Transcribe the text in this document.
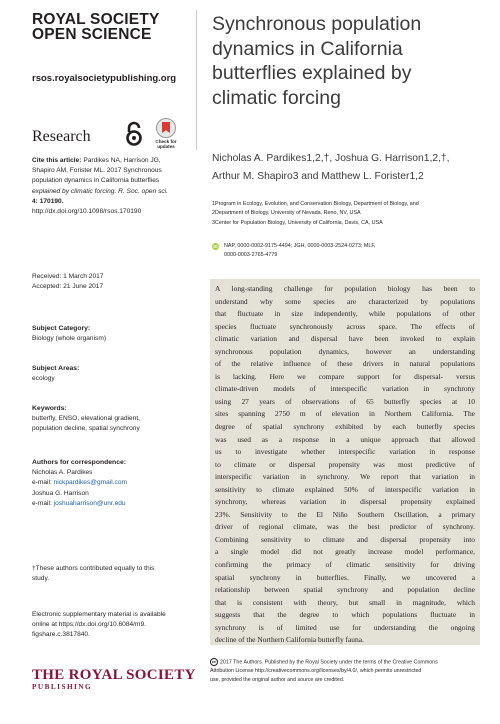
ROYAL SOCIETY
OPEN SCIENCE
rsos.royalsocietypublishing.org
Research	Check for
updates
Cite this article: Pardikes NA, Harrison JG,
Shapiro AM, Forister ML. 2017 Synchronous
population dynamics in California butterflies
explained by climatic forcing. R. Soc. open sci.
4: 170190.
http://dx.doi.org/10.1098/rsos.170190
Received: 1 March 2017
Accepted: 21 June 2017
Subject Category:
Biology (whole organism)
Subject Areas:
ecology
Keywords:
butterfly, ENSO, elevational gradient,
population decline, spatial synchrony
Authors for correspondence:
Nicholas A. Pardikes
e-mail: nickpardikes@gmail.com
Joshua G. Harrison
e-mail: joshuaharrison@unr.edu
†These authors contributed equally to this
study.
Electronic supplementary material is available
online at https://dx.doi.org/10.6084/m9.
figshare.c.3817840.
THE ROYAL SOCIETY
PUBLISHING
Synchronous population
dynamics in California
butterflies explained by
climatic forcing
Nicholas A. Pardikes1,2,†, Joshua G. Harrison1,2,†,
Arthur M. Shapiro3 and Matthew L. Forister1,2
1Program in Ecology, Evolution, and Conservation Biology, Department of Biology, and
2Department of Biology, University of Nevada, Reno, NV, USA
3Center for Population Biology, University of California, Davis, CA, USA
iD NAP, 0000-0002-9175-4494; JGH, 0000-0003-2524-0273; MLF,
0000-0003-2765-4779
A long-standing challenge for population biology has been to
understand why some species are characterized by populations
that fluctuate in size independently, while populations of other
species fluctuate synchronously across space. The effects of
climatic variation and dispersal have been invoked to explain
synchronous population dynamics, however an understanding
of the relative influence of these drivers in natural populations
is lacking. Here we compare support for dispersal- versus
climate-driven models of interspecific variation in synchrony
using 27 years of observations of 65 butterfly species at 10
sites spanning 2750 m of elevation in Northern California. The
degree of spatial synchrony exhibited by each butterfly species
was used as a response in a unique approach that allowed
us to investigate whether interspecific variation in response
to climate or dispersal propensity was most predictive of
interspecific variation in synchrony. We report that variation in
sensitivity to climate explained 50% of interspecific variation in
synchrony, whereas variation in dispersal propensity explained
23%. Sensitivity to the El Niño Southern Oscillation, a primary
driver of regional climate, was the best predictor of synchrony.
Combining sensitivity to climate and dispersal propensity into
a single model did not greatly increase model performance,
confirming the primacy of climatic sensitivity for driving
spatial synchrony in butterflies. Finally, we uncovered a
relationship between spatial synchrony and population decline
that is consistent with theory, but small in magnitude, which
suggests that the degree to which populations fluctuate in
synchrony is of limited use for understanding the ongoing
decline of the Northern California butterfly fauna.
cc 2017 The Authors. Published by the Royal Society under the terms of the Creative Commons
Attribution License http://creativecommons.org/licenses/by/4.0/, which permits unrestricted
use, provided the original author and source are credited.
